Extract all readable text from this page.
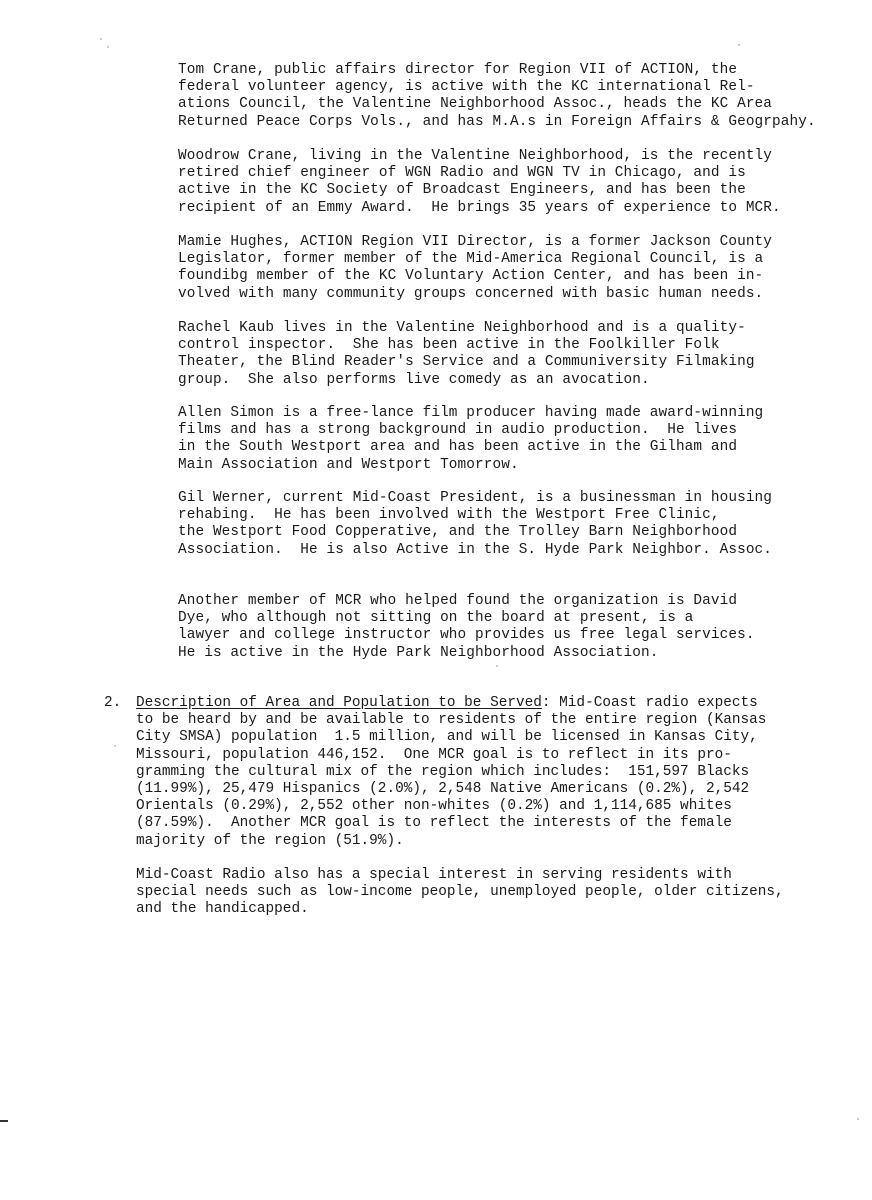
Tom Crane, public affairs director for Region VII of ACTION, the
federal volunteer agency, is active with the KC international Rel-
ations Council, the Valentine Neighborhood Assoc., heads the KC Area
Returned Peace Corps Vols., and has M.A.s in Foreign Affairs & Geogrpahy.
Woodrow Crane, living in the Valentine Neighborhood, is the recently
retired chief engineer of WGN Radio and WGN TV in Chicago, and is
active in the KC Society of Broadcast Engineers, and has been the
recipient of an Emmy Award.  He brings 35 years of experience to MCR.
Mamie Hughes, ACTION Region VII Director, is a former Jackson County
Legislator, former member of the Mid-America Regional Council, is a
foundibg member of the KC Voluntary Action Center, and has been in-
volved with many community groups concerned with basic human needs.
Rachel Kaub lives in the Valentine Neighborhood and is a quality-
control inspector.  She has been active in the Foolkiller Folk
Theater, the Blind Reader's Service and a Communiversity Filmaking
group.  She also performs live comedy as an avocation.
Allen Simon is a free-lance film producer having made award-winning
films and has a strong background in audio production.  He lives
in the South Westport area and has been active in the Gilham and
Main Association and Westport Tomorrow.
Gil Werner, current Mid-Coast President, is a businessman in housing
rehabing.  He has been involved with the Westport Free Clinic,
the Westport Food Copperative, and the Trolley Barn Neighborhood
Association.  He is also Active in the S. Hyde Park Neighbor. Assoc.
Another member of MCR who helped found the organization is David
Dye, who although not sitting on the board at present, is a
lawyer and college instructor who provides us free legal services.
He is active in the Hyde Park Neighborhood Association.
2. Description of Area and Population to be Served: Mid-Coast radio expects
to be heard by and be available to residents of the entire region (Kansas
City SMSA) population  1.5 million, and will be licensed in Kansas City,
Missouri, population 446,152.  One MCR goal is to reflect in its pro-
gramming the cultural mix of the region which includes:  151,597 Blacks
(11.99%), 25,479 Hispanics (2.0%), 2,548 Native Americans (0.2%), 2,542
Orientals (0.29%), 2,552 other non-whites (0.2%) and 1,114,685 whites
(87.59%).  Another MCR goal is to reflect the interests of the female
majority of the region (51.9%).
Mid-Coast Radio also has a special interest in serving residents with
special needs such as low-income people, unemployed people, older citizens,
and the handicapped.
